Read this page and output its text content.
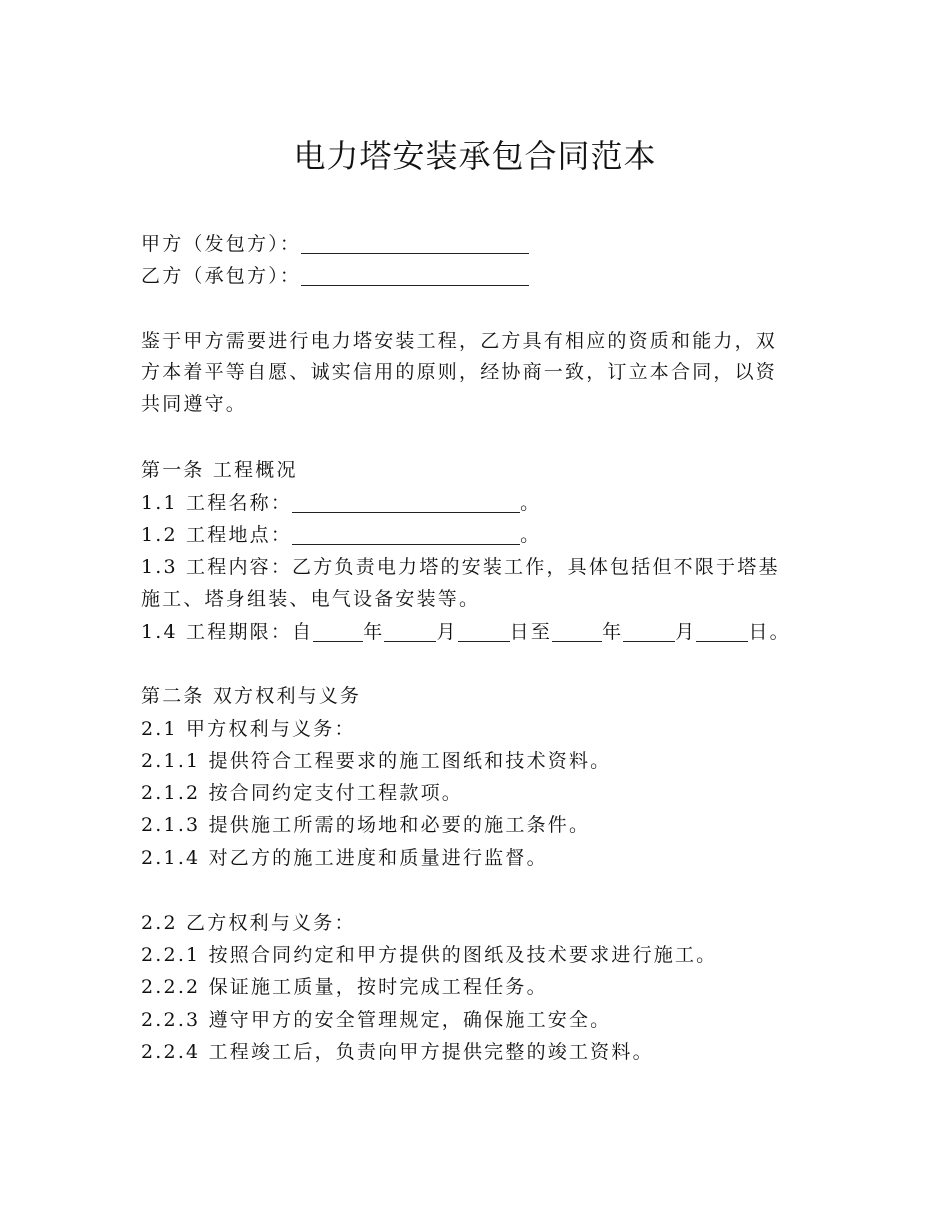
电力塔安装承包合同范本
甲方（发包方）：
乙方（承包方）：
鉴于甲方需要进行电力塔安装工程，乙方具有相应的资质和能力，双
方本着平等自愿、诚实信用的原则，经协商一致，订立本合同，以资
共同遵守。
第一条 工程概况
1.1 工程名称：	。
1.2 工程地点：	。
1.3 工程内容：乙方负责电力塔的安装工作，具体包括但不限于塔基
施工、塔身组装、电气设备安装等。
1.4 工程期限：自	年	月	日至	年	月	日。
第二条 双方权利与义务
2.1 甲方权利与义务：
2.1.1 提供符合工程要求的施工图纸和技术资料。
2.1.2 按合同约定支付工程款项。
2.1.3 提供施工所需的场地和必要的施工条件。
2.1.4 对乙方的施工进度和质量进行监督。
2.2 乙方权利与义务：
2.2.1 按照合同约定和甲方提供的图纸及技术要求进行施工。
2.2.2 保证施工质量，按时完成工程任务。
2.2.3 遵守甲方的安全管理规定，确保施工安全。
2.2.4 工程竣工后，负责向甲方提供完整的竣工资料。
